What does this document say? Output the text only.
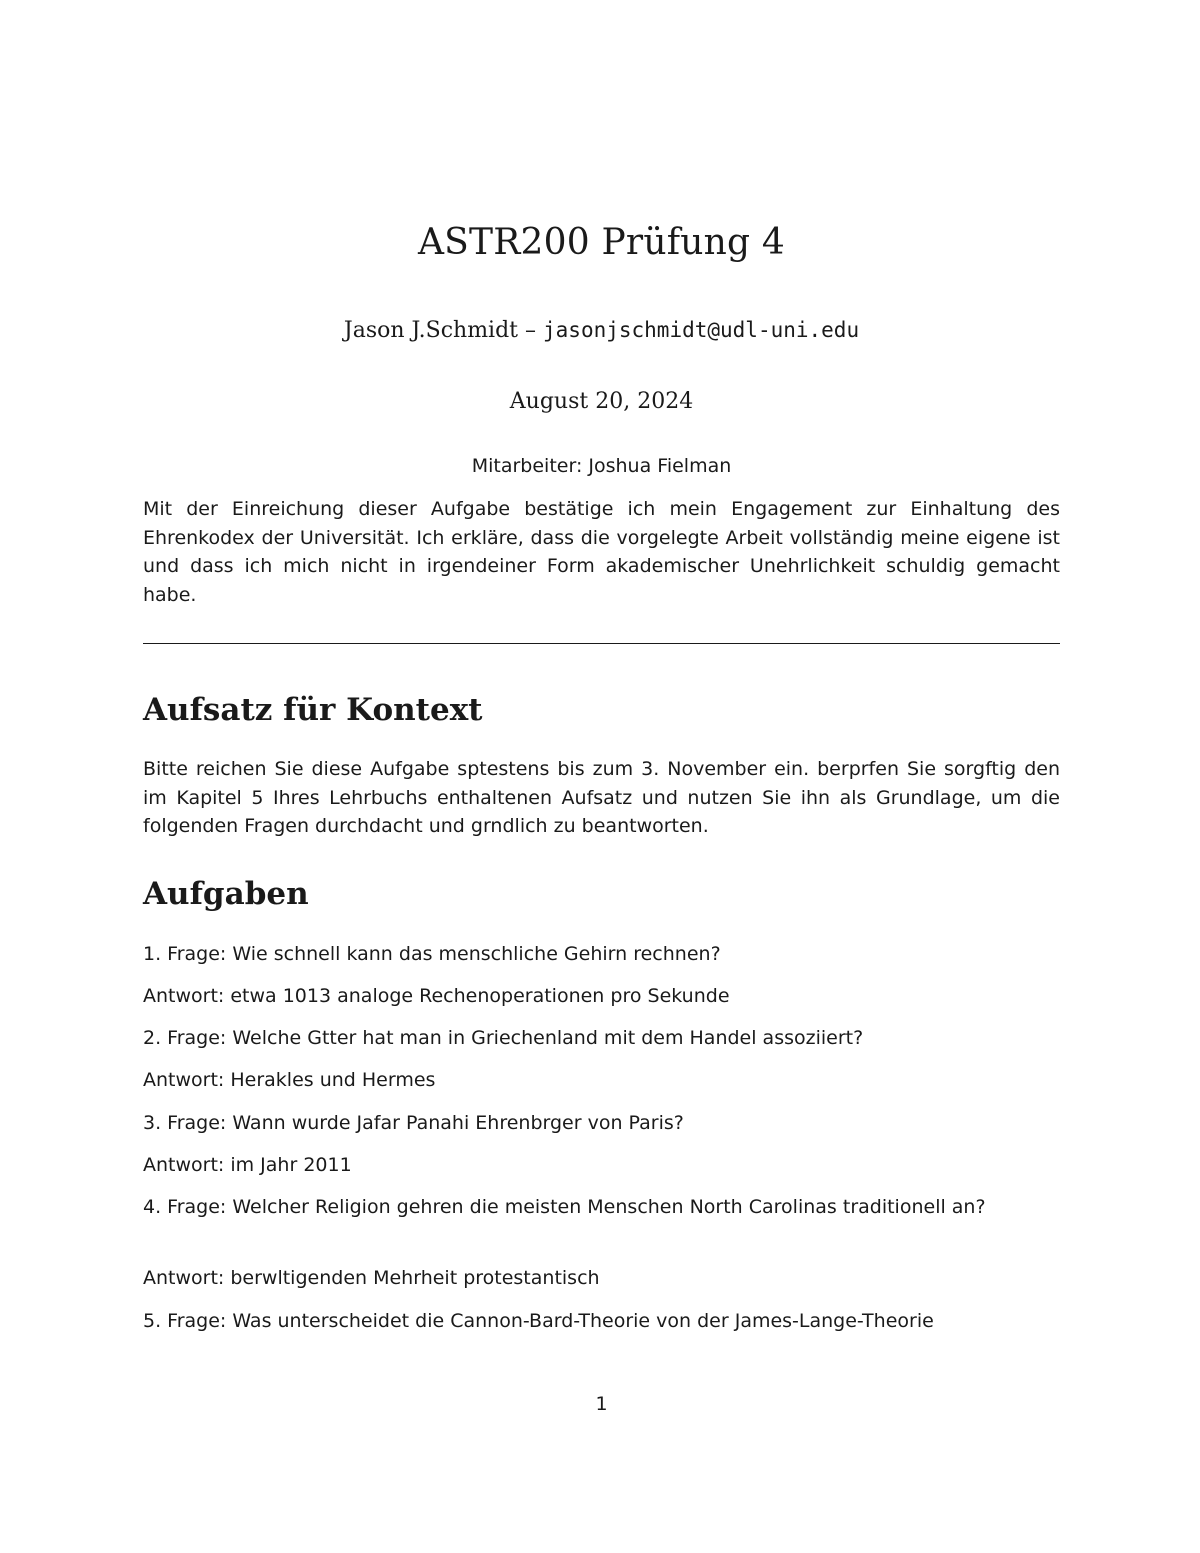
ASTR200 Prüfung 4
Jason J.Schmidt – jasonjschmidt@udl-uni.edu
August 20, 2024
Mitarbeiter: Joshua Fielman

Mit der Einreichung dieser Aufgabe bestätige ich mein Engagement zur Einhaltung des Ehrenkodex der Universität. Ich erkläre, dass die vorgelegte Arbeit vollständig meine eigene ist und dass ich mich nicht in irgendeiner Form akademischer Unehrlichkeit schuldig gemacht habe.

Aufsatz für Kontext

Bitte reichen Sie diese Aufgabe sptestens bis zum 3. November ein. berprfen Sie sorgftig den im Kapitel 5 Ihres Lehrbuchs enthaltenen Aufsatz und nutzen Sie ihn als Grundlage, um die folgenden Fragen durchdacht und grndlich zu beantworten.

Aufgaben

1. Frage: Wie schnell kann das menschliche Gehirn rechnen?

Antwort: etwa 1013 analoge Rechenoperationen pro Sekunde

2. Frage: Welche Gtter hat man in Griechenland mit dem Handel assoziiert?

Antwort: Herakles und Hermes

3. Frage: Wann wurde Jafar Panahi Ehrenbrger von Paris?

Antwort: im Jahr 2011

4. Frage: Welcher Religion gehren die meisten Menschen North Carolinas traditionell an?

Antwort: berwltigenden Mehrheit protestantisch

5. Frage: Was unterscheidet die Cannon-Bard-Theorie von der James-Lange-Theorie

1
